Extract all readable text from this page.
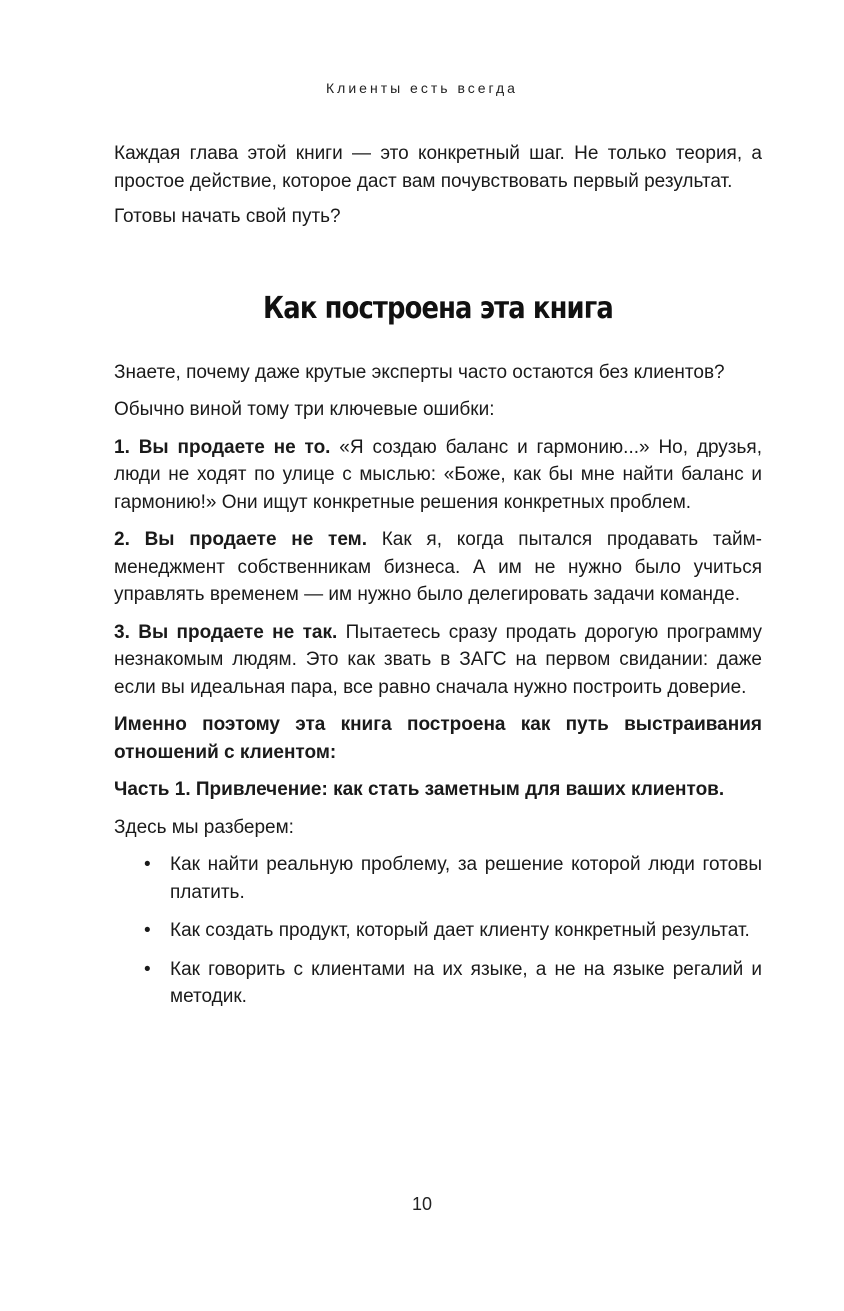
Клиенты есть всегда

Каждая глава этой книги — это конкретный шаг. Не только теория, а простое действие, которое даст вам почувствовать первый результат.

Готовы начать свой путь?

Как построена эта книга

Знаете, почему даже крутые эксперты часто остаются без клиентов?

Обычно виной тому три ключевые ошибки:

1. Вы продаете не то. «Я создаю баланс и гармонию...» Но, друзья, люди не ходят по улице с мыслью: «Боже, как бы мне найти баланс и гармонию!» Они ищут конкретные решения конкретных проблем.

2. Вы продаете не тем. Как я, когда пытался продавать тайм-менеджмент собственникам бизнеса. А им не нужно было учиться управлять временем — им нужно было делегировать задачи команде.

3. Вы продаете не так. Пытаетесь сразу продать дорогую программу незнакомым людям. Это как звать в ЗАГС на первом свидании: даже если вы идеальная пара, все равно сначала нужно построить доверие.

Именно поэтому эта книга построена как путь выстраивания отношений с клиентом:

Часть 1. Привлечение: как стать заметным для ваших клиентов.

Здесь мы разберем:

• Как найти реальную проблему, за решение которой люди готовы платить.
• Как создать продукт, который дает клиенту конкретный результат.
• Как говорить с клиентами на их языке, а не на языке регалий и методик.
10
